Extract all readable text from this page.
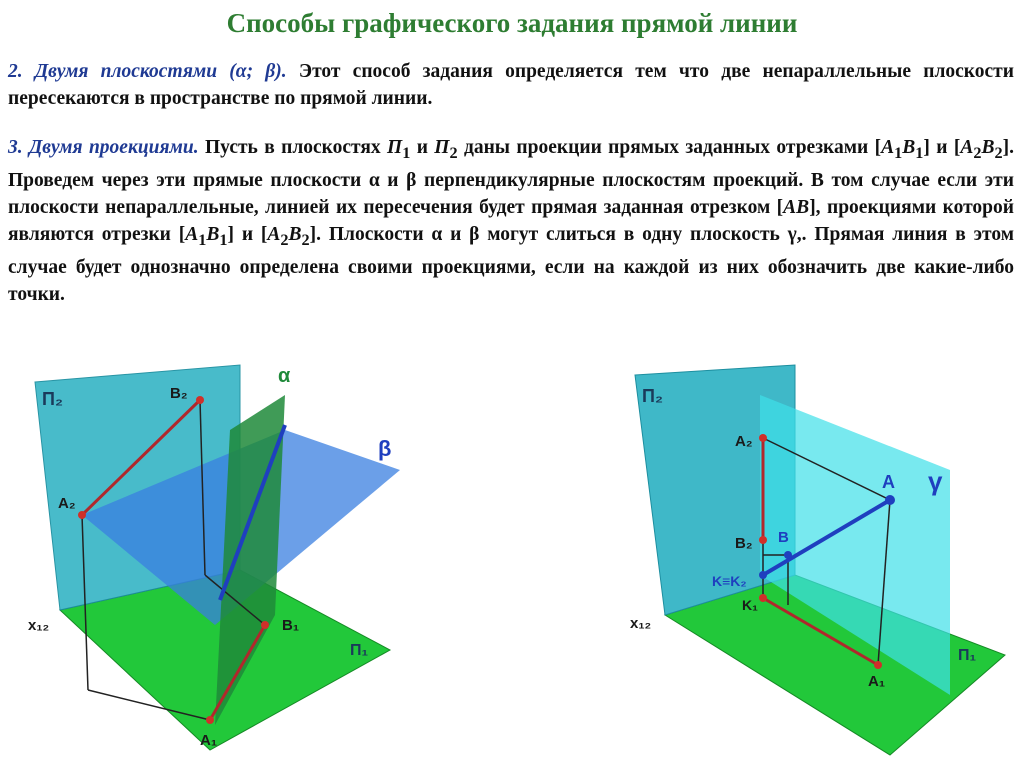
Способы графического задания прямой линии
2. Двумя плоскостями (α; β). Этот способ задания определяется тем что две непараллельные плоскости пересекаются в пространстве по прямой линии.
3. Двумя проекциями. Пусть в плоскостях $П_1$ и $П_2$ даны проекции прямых заданных отрезками $[A_1B_1]$ и $[A_2B_2]$. Проведем через эти прямые плоскости α и β перпендикулярные плоскостям проекций. В том случае если эти плоскости непараллельные, линией их пересечения будет прямая заданная отрезком [AB], проекциями которой являются отрезки $[A_1B_1]$ и $[A_2B_2]$. Плоскости α и β могут слиться в одну плоскость γ,. Прямая линия в этом случае будет однозначно определена своими проекциями, если на каждой из них обозначить две какие-либо точки.
П₂	B₂
A₂
x₁₂	B₁
A₁
П₁
α
β
П₂
A₂
B₂ B
K≡K₂
K₁
x₁₂
A γ
A₁
П₁
